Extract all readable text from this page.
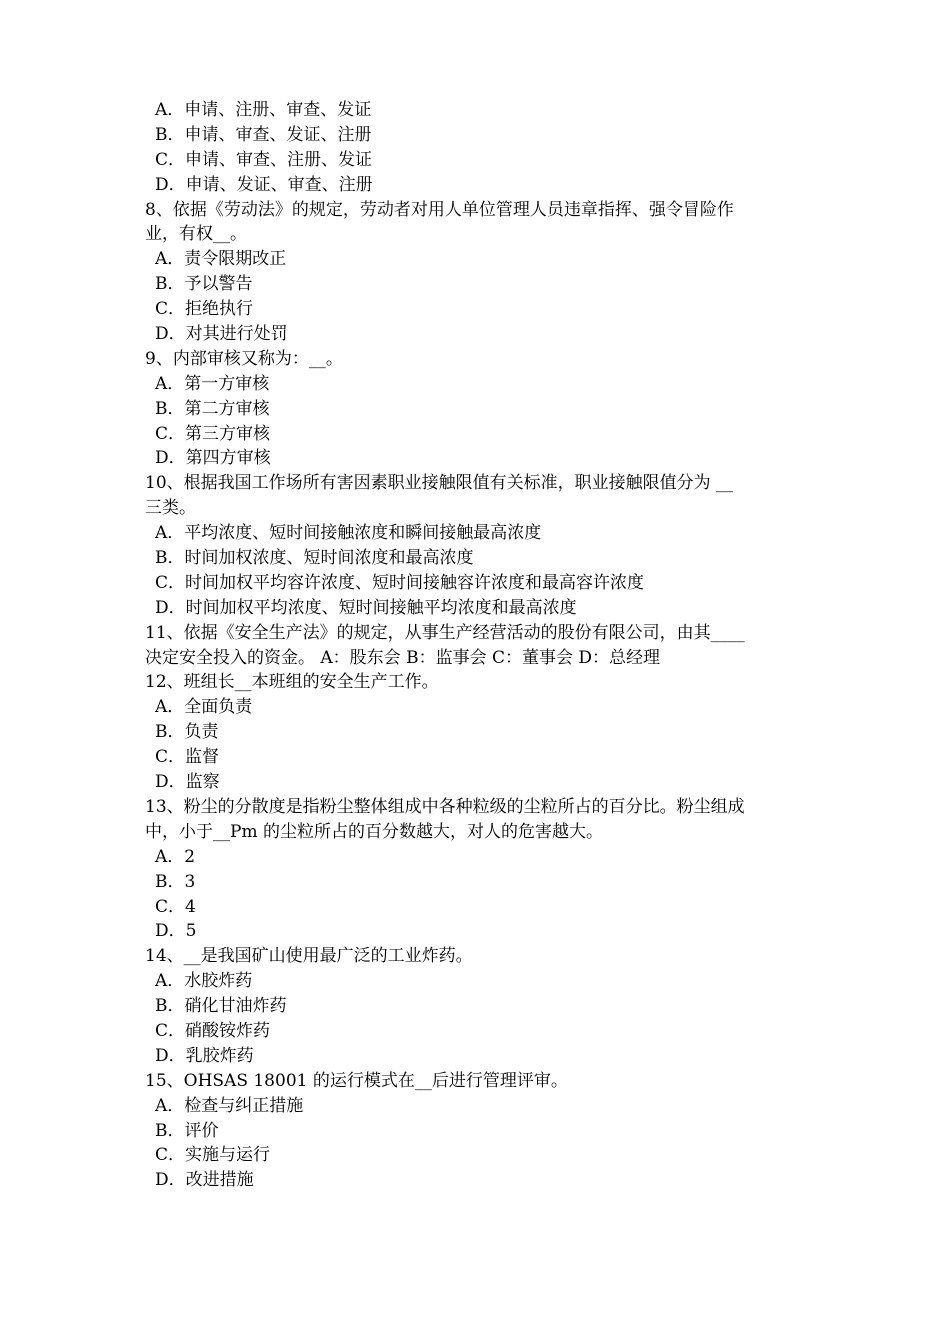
A．申请、注册、审查、发证
B．申请、审查、发证、注册
C．申请、审查、注册、发证
D．申请、发证、审查、注册
8、依据《劳动法》的规定，劳动者对用人单位管理人员违章指挥、强令冒险作
业，有权__。
A．责令限期改正
B．予以警告
C．拒绝执行
D．对其进行处罚
9、内部审核又称为：__。
A．第一方审核
B．第二方审核
C．第三方审核
D．第四方审核
10、根据我国工作场所有害因素职业接触限值有关标准，职业接触限值分为 __
三类。
A．平均浓度、短时间接触浓度和瞬间接触最高浓度
B．时间加权浓度、短时间浓度和最高浓度
C．时间加权平均容许浓度、短时间接触容许浓度和最高容许浓度
D．时间加权平均浓度、短时间接触平均浓度和最高浓度
11、依据《安全生产法》的规定，从事生产经营活动的股份有限公司，由其____
决定安全投入的资金。 A：股东会 B：监事会 C：董事会 D：总经理
12、班组长__本班组的安全生产工作。
A．全面负责
B．负责
C．监督
D．监察
13、粉尘的分散度是指粉尘整体组成中各种粒级的尘粒所占的百分比。粉尘组成
中，小于__Pm 的尘粒所占的百分数越大，对人的危害越大。
A．2
B．3
C．4
D．5
14、__是我国矿山使用最广泛的工业炸药。
A．水胶炸药
B．硝化甘油炸药
C．硝酸铵炸药
D．乳胶炸药
15、OHSAS 18001 的运行模式在__后进行管理评审。
A．检查与纠正措施
B．评价
C．实施与运行
D．改进措施
